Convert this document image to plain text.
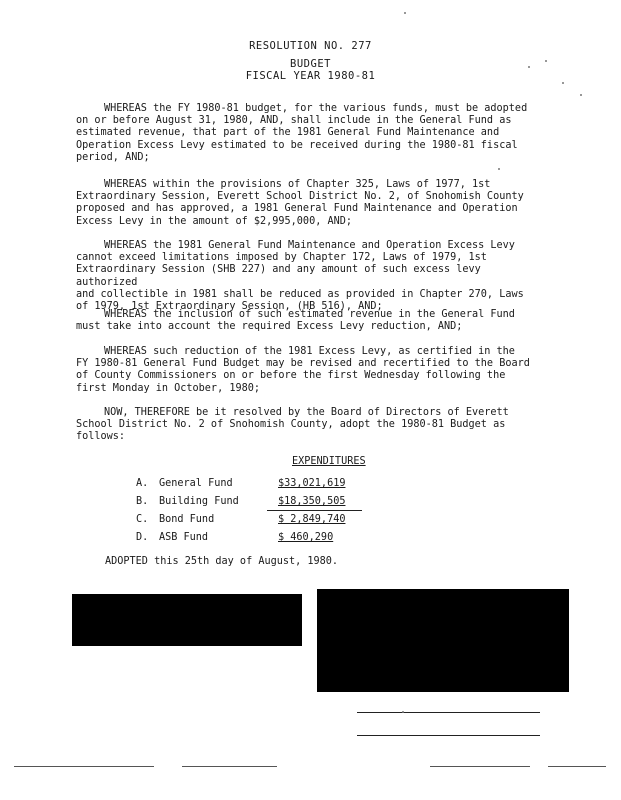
RESOLUTION NO. 277
BUDGET
FISCAL YEAR 1980-81

WHEREAS the FY 1980-81 budget, for the various funds, must be adopted
on or before August 31, 1980, AND, shall include in the General Fund as
estimated revenue, that part of the 1981 General Fund Maintenance and
Operation Excess Levy estimated to be received during the 1980-81 fiscal
period, AND;

WHEREAS within the provisions of Chapter 325, Laws of 1977, 1st
Extraordinary Session, Everett School District No. 2, of Snohomish County
proposed and has approved, a 1981 General Fund Maintenance and Operation
Excess Levy in the amount of $2,995,000, AND;

WHEREAS the 1981 General Fund Maintenance and Operation Excess Levy
cannot exceed limitations imposed by Chapter 172, Laws of 1979, 1st
Extraordinary Session (SHB 227) and any amount of such excess levy authorized
and collectible in 1981 shall be reduced as provided in Chapter 270, Laws
of 1979, 1st Extraordinary Session, (HB 516), AND;

WHEREAS the inclusion of such estimated revenue in the General Fund
must take into account the required Excess Levy reduction, AND;

WHEREAS such reduction of the 1981 Excess Levy, as certified in the
FY 1980-81 General Fund Budget may be revised and recertified to the Board
of County Commissioners on or before the first Wednesday following the
first Monday in October, 1980;

NOW, THEREFORE be it resolved by the Board of Directors of Everett
School District No. 2 of Snohomish County, adopt the 1980-81 Budget as
follows:

EXPENDITURES
A. General Fund	$33,021,619
B. Building Fund	$18,350,505
C. Bond Fund	$ 2,849,740
D. ASB Fund	$ 460,290
ADOPTED this 25th day of August, 1980.
